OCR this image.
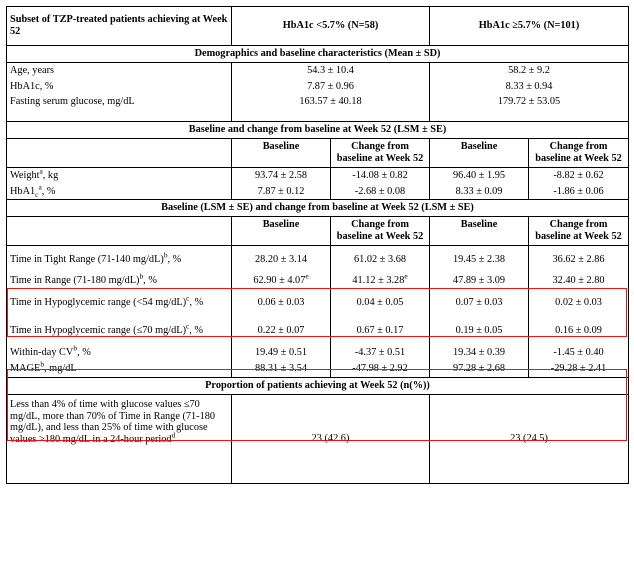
Subset of TZP-treated patients achieving at Week 52	HbA1c <5.7% (N=58)		HbA1c ≥5.7% (N=101)	
Demographics and baseline characteristics (Mean ± SD)				
Age, years	54.3 ± 10.4		58.2 ± 9.2	
HbA1c, %	7.87 ± 0.96		8.33 ± 0.94	
Fasting serum glucose, mg/dL	163.57 ± 40.18		179.72 ± 53.05	

Baseline and change from baseline at Week 52 (LSM ± SE)				
	Baseline	Change from baseline at Week 52	Baseline	Change from baseline at Week 52
Weight$^a$, kg	93.74 ± 2.58	-14.08 ± 0.82	96.40 ± 1.95	-8.82 ± 0.62
$HbA1_c^a$, %	7.87 ± 0.12	-2.68 ± 0.08	8.33 ± 0.09	-1.86 ± 0.06
Baseline (LSM ± SE) and change from baseline at Week 52 (LSM ± SE)				
	Baseline	Change from baseline at Week 52	Baseline	Change from baseline at Week 52
Time in Tight Range (71-140 mg/dL)$^b$, %	28.20 ± 3.14	61.02 ± 3.68	19.45 ± 2.38	36.62 ± 2.86
Time in Range (71-180 mg/dL)$^b$, %	62.90 ± 4.07$^e$	41.12 ± 3.28$^e$	47.89 ± 3.09	32.40 ± 2.80
Time in Hypoglycemic range (<54 mg/dL)$^c$, %	0.06 ± 0.03	0.04 ± 0.05	0.07 ± 0.03	0.02 ± 0.03
Time in Hypoglycemic range (≤70 mg/dL)$^c$, %	0.22 ± 0.07	0.67 ± 0.17	0.19 ± 0.05	0.16 ± 0.09
Within-day $CV^b$, %	19.49 ± 0.51	-4.37 ± 0.51	19.34 ± 0.39	-1.45 ± 0.40
MAGE$^b$, mg/dL	88.31 ± 3.54	-47.98 ± 2.92	97.28 ± 2.68	-29.28 ± 2.41
Proportion of patients achieving at Week 52 (n(%))				
Less than 4% of time with glucose values ≤70 mg/dL, more than 70% of Time in Range (71-180 mg/dL), and less than 25% of time with glucose values >180 mg/dL in a 24-hour period$^d$	23 (42.6)		23 (24.5)	
